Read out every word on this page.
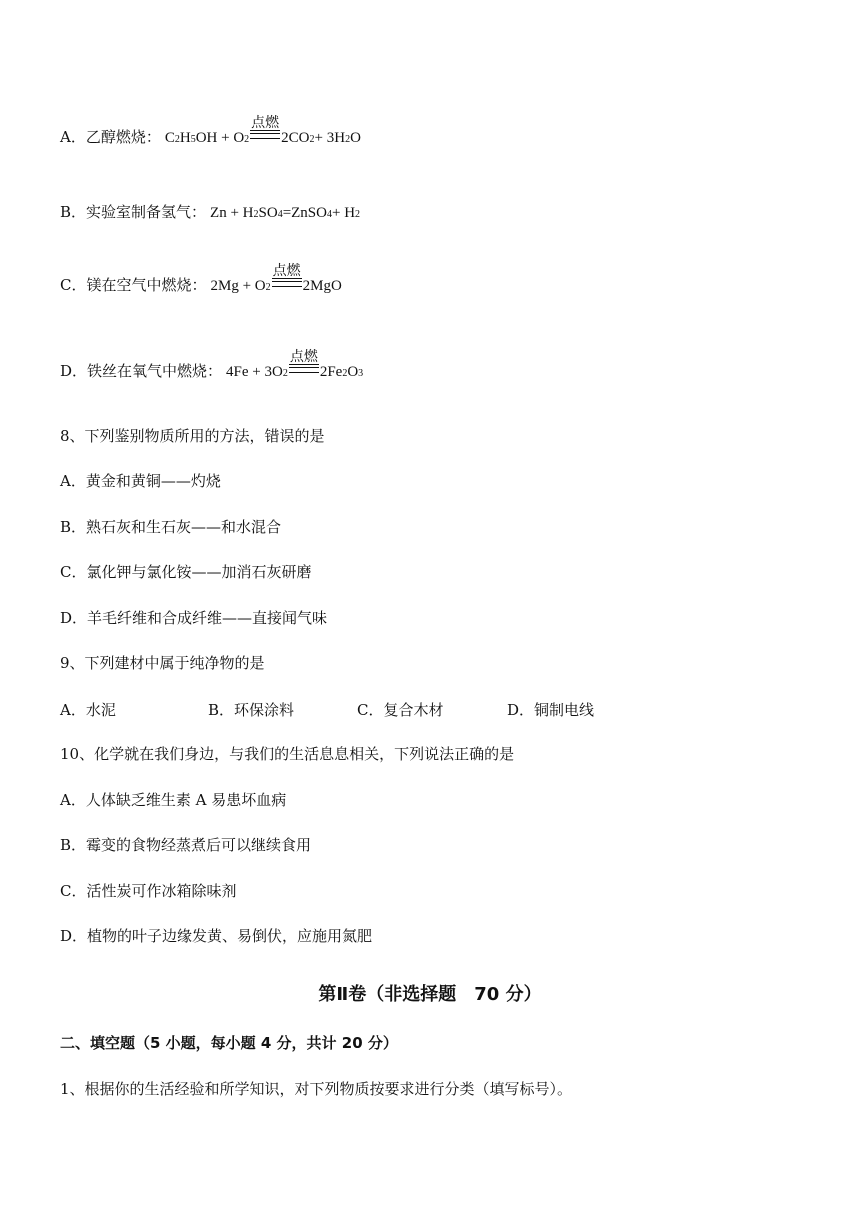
A．乙醇燃烧： C 2 H 5 OH + O 2
点燃
2CO 2 + 3H 2 O
B．实验室制备氢气： Zn + H 2 SO 4 =ZnSO 4 + H 2
C．镁在空气中燃烧： 2Mg + O 2
点燃
2MgO
D．铁丝在氧气中燃烧： 4Fe + 3O 2
点燃
2Fe 2 O 3
8、下列鉴别物质所用的方法，错误的是
A．黄金和黄铜——灼烧
B．熟石灰和生石灰——和水混合
C．氯化钾与氯化铵——加消石灰研磨
D．羊毛纤维和合成纤维——直接闻气味
9、下列建材中属于纯净物的是
A．水泥	B．环保涂料	C．复合木材	D．铜制电线
10、化学就在我们身边，与我们的生活息息相关，下列说法正确的是
A．人体缺乏维生素 A 易患坏血病
B．霉变的食物经蒸煮后可以继续食用
C．活性炭可作冰箱除味剂
D．植物的叶子边缘发黄、易倒伏，应施用氮肥
第Ⅱ卷（非选择题　70 分）
二、填空题（5 小题，每小题 4 分，共计 20 分）
1、根据你的生活经验和所学知识，对下列物质按要求进行分类（填写标号）。
